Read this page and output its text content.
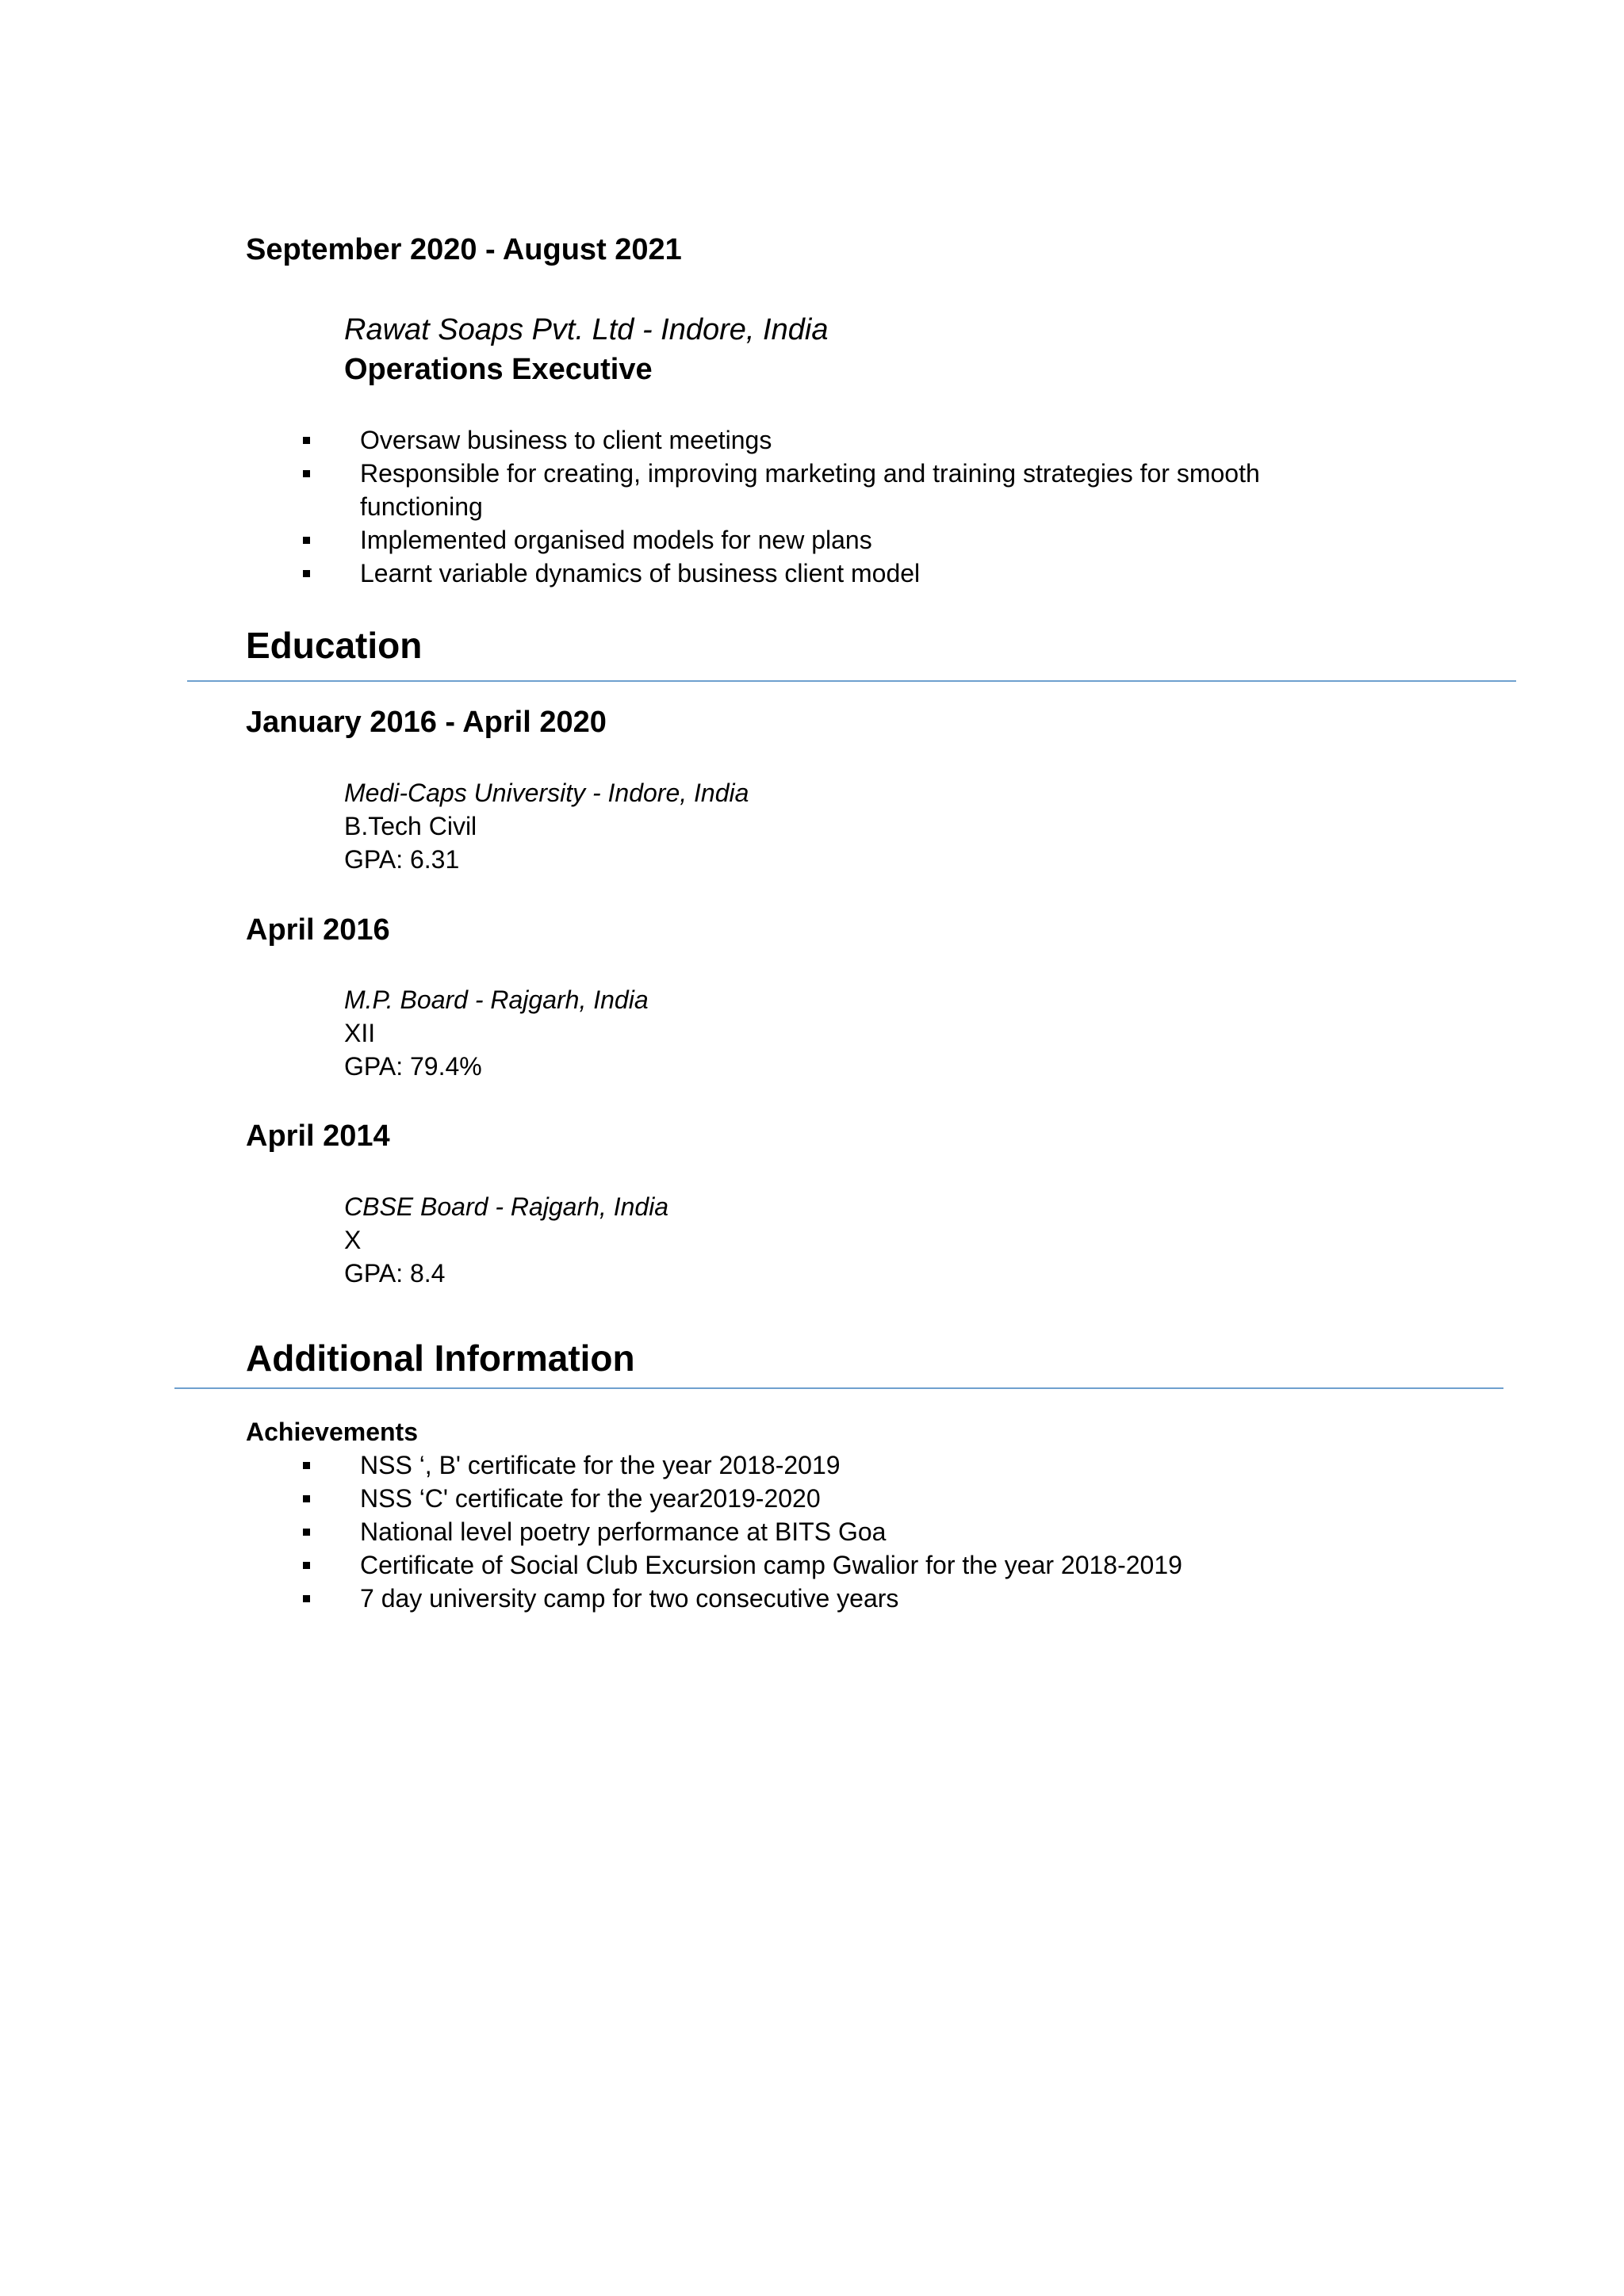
September 2020 - August 2021
Rawat Soaps Pvt. Ltd - Indore, India
Operations Executive
Oversaw business to client meetings
Responsible for creating, improving marketing and training strategies for smooth functioning
Implemented organised models for new plans
Learnt variable dynamics of business client model
Education
January 2016 - April 2020
Medi-Caps University - Indore, India
B.Tech Civil
GPA: 6.31
April 2016
M.P. Board - Rajgarh, India
XII
GPA: 79.4%
April 2014
CBSE Board - Rajgarh, India
X
GPA: 8.4
Additional Information
Achievements
NSS ‘, B' certificate for the year 2018-2019
NSS ‘C' certificate for the year2019-2020
National level poetry performance at BITS Goa
Certificate of Social Club Excursion camp Gwalior for the year 2018-2019
7 day university camp for two consecutive years
